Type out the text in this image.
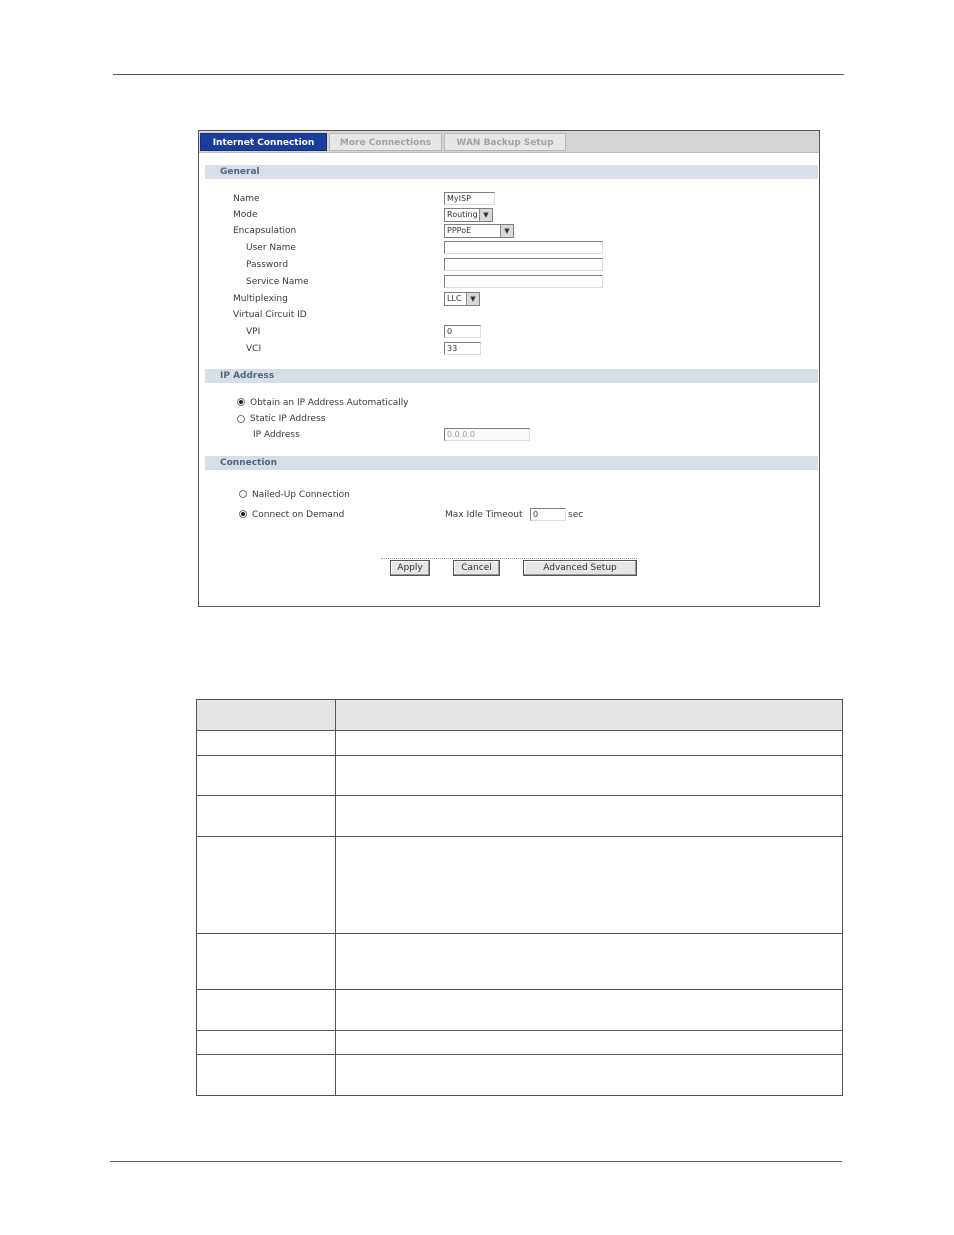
Internet Connection	More Connections	WAN Backup Setup
General
Name	MyISP
Mode	Routing ▼
Encapsulation	PPPoE	▼
User Name
Password
Service Name
Multiplexing	LLC	▼
Virtual Circuit ID
VPI	0
VCI	33
IP Address
Obtain an IP Address Automatically
Static IP Address
IP Address	0.0.0.0
Connection
Nailed-Up Connection
Connect on Demand	Max Idle Timeout	0	sec
Apply	Cancel	Advanced Setup
